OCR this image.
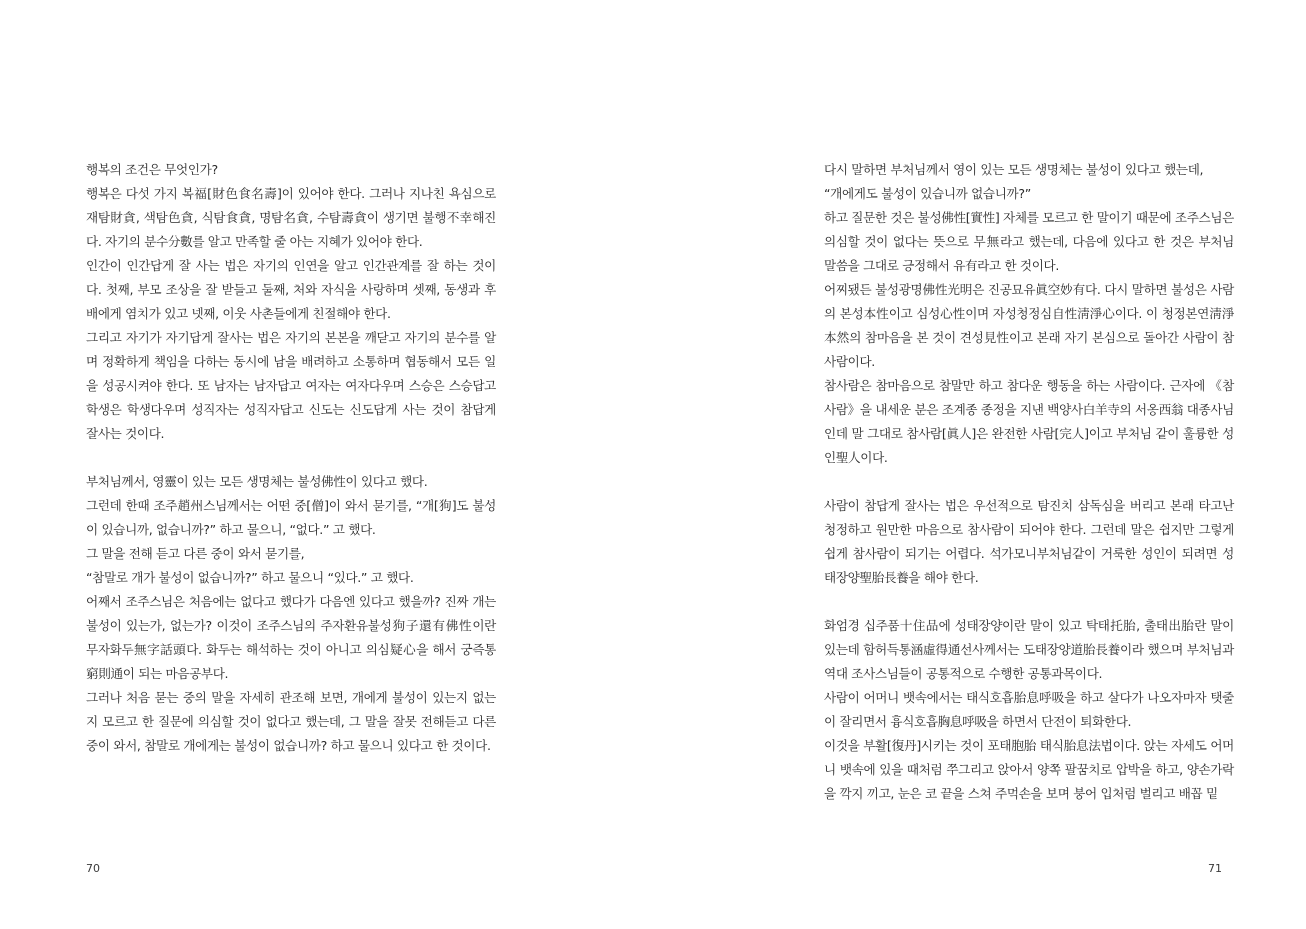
행복의 조건은 무엇인가?

행복은 다섯 가지 복福[財色食名壽]이 있어야 한다. 그러나 지나친 욕심으로 재탐財貪, 색탐色貪, 식탐食貪, 명탐名貪, 수탐壽貪이 생기면 불행不幸해진다. 자기의 분수分數를 알고 만족할 줄 아는 지혜가 있어야 한다.

인간이 인간답게 잘 사는 법은 자기의 인연을 알고 인간관계를 잘 하는 것이다. 첫째, 부모 조상을 잘 받들고 둘째, 처와 자식을 사랑하며 셋째, 동생과 후배에게 염치가 있고 넷째, 이웃 사촌들에게 친절해야 한다.

그리고 자기가 자기답게 잘사는 법은 자기의 본본을 깨닫고 자기의 분수를 알며 정확하게 책임을 다하는 동시에 남을 배려하고 소통하며 협동해서 모든 일을 성공시켜야 한다. 또 남자는 남자답고 여자는 여자다우며 스승은 스승답고 학생은 학생다우며 성직자는 성직자답고 신도는 신도답게 사는 것이 참답게 잘사는 것이다.

부처님께서, 영靈이 있는 모든 생명체는 불성佛性이 있다고 했다.

그런데 한때 조주趙州스님께서는 어떤 중[僧]이 와서 묻기를, “개[狗]도 불성이 있습니까, 없습니까?” 하고 물으니, “없다.” 고 했다.

그 말을 전해 듣고 다른 중이 와서 묻기를,

“참말로 개가 불성이 없습니까?” 하고 물으니 “있다.” 고 했다.

어째서 조주스님은 처음에는 없다고 했다가 다음엔 있다고 했을까? 진짜 개는 불성이 있는가, 없는가? 이것이 조주스님의 주자환유불성狗子還有佛性이란 무자화두無字話頭다. 화두는 해석하는 것이 아니고 의심疑心을 해서 궁즉통窮則通이 되는 마음공부다.

그러나 처음 묻는 중의 말을 자세히 관조해 보면, 개에게 불성이 있는지 없는지 모르고 한 질문에 의심할 것이 없다고 했는데, 그 말을 잘못 전해듣고 다른 중이 와서, 참말로 개에게는 불성이 없습니까? 하고 물으니 있다고 한 것이다.

70

다시 말하면 부처님께서 영이 있는 모든 생명체는 불성이 있다고 했는데,

“개에게도 불성이 있습니까 없습니까?”

하고 질문한 것은 불성佛性[實性] 자체를 모르고 한 말이기 때문에 조주스님은 의심할 것이 없다는 뜻으로 무無라고 했는데, 다음에 있다고 한 것은 부처님 말씀을 그대로 긍정해서 유有라고 한 것이다.

어찌됐든 불성광명佛性光明은 진공묘유眞空妙有다. 다시 말하면 불성은 사람의 본성本性이고 심성心性이며 자성청정심自性淸淨心이다. 이 청정본연淸淨本然의 참마음을 본 것이 견성見性이고 본래 자기 본심으로 돌아간 사람이 참사람이다.

참사람은 참마음으로 참말만 하고 참다운 행동을 하는 사람이다. 근자에 《참사람》을 내세운 분은 조계종 종정을 지낸 백양사白羊寺의 서옹西翁 대종사님인데 말 그대로 참사람[眞人]은 완전한 사람[完人]이고 부처님 같이 훌륭한 성인聖人이다.

사람이 참답게 잘사는 법은 우선적으로 탐진치 삼독심을 버리고 본래 타고난 청정하고 원만한 마음으로 참사람이 되어야 한다. 그런데 말은 쉽지만 그렇게 쉽게 참사람이 되기는 어렵다. 석가모니부처님같이 거룩한 성인이 되려면 성태장양聖胎長養을 해야 한다.

화엄경 십주품十住品에 성태장양이란 말이 있고 탁태托胎, 출태出胎란 말이 있는데 함허득통涵虛得通선사께서는 도태장양道胎長養이라 했으며 부처님과 역대 조사스님들이 공통적으로 수행한 공통과목이다.

사람이 어머니 뱃속에서는 태식호흡胎息呼吸을 하고 살다가 나오자마자 탯줄이 잘리면서 흉식호흡胸息呼吸을 하면서 단전이 퇴화한다.

이것을 부활[復丹]시키는 것이 포태胞胎 태식胎息法법이다. 앉는 자세도 어머니 뱃속에 있을 때처럼 쭈그리고 앉아서 양쪽 팔꿈치로 압박을 하고, 양손가락을 깍지 끼고, 눈은 코 끝을 스쳐 주먹손을 보며 붕어 입처럼 벌리고 배꼽 밑

71
